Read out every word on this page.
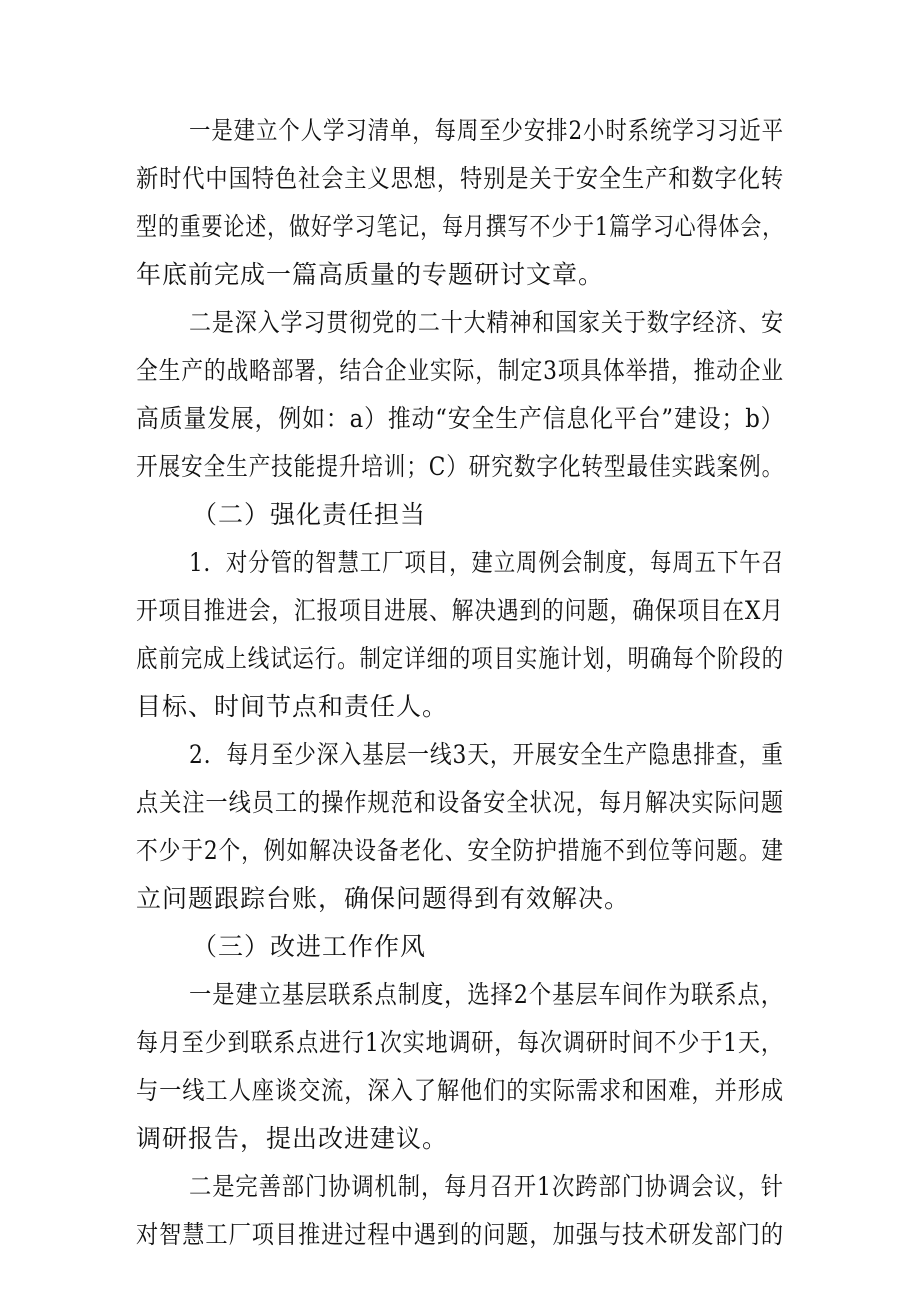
一是建立个人学习清单，每周至少安排2小时系统学习习近平
新时代中国特色社会主义思想，特别是关于安全生产和数字化转
型的重要论述，做好学习笔记，每月撰写不少于1篇学习心得体会，
年底前完成一篇高质量的专题研讨文章。
二是深入学习贯彻党的二十大精神和国家关于数字经济、安
全生产的战略部署，结合企业实际，制定3项具体举措，推动企业
高质量发展，例如：a）推动“安全生产信息化平台”建设；b）
开展安全生产技能提升培训；C）研究数字化转型最佳实践案例。
（二）强化责任担当
1．对分管的智慧工厂项目，建立周例会制度，每周五下午召
开项目推进会，汇报项目进展、解决遇到的问题，确保项目在X月
底前完成上线试运行。制定详细的项目实施计划，明确每个阶段的
目标、时间节点和责任人。
2．每月至少深入基层一线3天，开展安全生产隐患排查，重
点关注一线员工的操作规范和设备安全状况，每月解决实际问题
不少于2个，例如解决设备老化、安全防护措施不到位等问题。建
立问题跟踪台账，确保问题得到有效解决。
（三）改进工作作风
一是建立基层联系点制度，选择2个基层车间作为联系点，
每月至少到联系点进行1次实地调研，每次调研时间不少于1天，
与一线工人座谈交流，深入了解他们的实际需求和困难，并形成
调研报告，提出改进建议。
二是完善部门协调机制，每月召开1次跨部门协调会议，针
对智慧工厂项目推进过程中遇到的问题，加强与技术研发部门的
